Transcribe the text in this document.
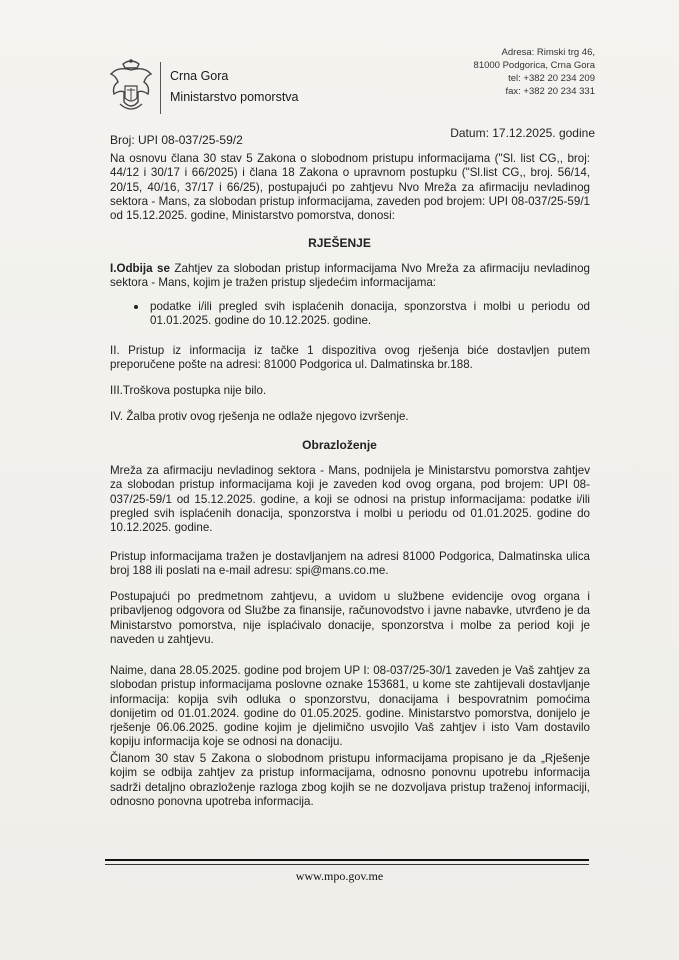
Crna Gora
Ministarstvo pomorstva
Adresa: Rimski trg 46,
81000 Podgorica, Crna Gora
tel: +382 20 234 209
fax: +382 20 234 331
Broj: UPI 08-037/25-59/2	Datum: 17.12.2025. godine
Na osnovu člana 30 stav 5 Zakona o slobodnom pristupu informacijama ("Sl. list CG,, broj: 44/12 i 30/17 i 66/2025) i člana 18 Zakona o upravnom postupku ("Sl.list CG,, broj. 56/14, 20/15, 40/16, 37/17 i 66/25), postupajući po zahtjevu Nvo Mreža za afirmaciju nevladinog sektora - Mans, za slobodan pristup informacijama, zaveden pod brojem: UPI 08-037/25-59/1 od 15.12.2025. godine, Ministarstvo pomorstva, donosi:
RJEŠENJE
I.Odbija se Zahtjev za slobodan pristup informacijama Nvo Mreža za afirmaciju nevladinog sektora - Mans, kojim je tražen pristup sljedećim informacijama:
podatke i/ili pregled svih isplaćenih donacija, sponzorstva i molbi u periodu od 01.01.2025. godine do 10.12.2025. godine.
II. Pristup iz informacija iz tačke 1 dispozitiva ovog rješenja biće dostavljen putem preporučene pošte na adresi: 81000 Podgorica ul. Dalmatinska br.188.
III.Troškova postupka nije bilo.
IV. Žalba protiv ovog rješenja ne odlaže njegovo izvršenje.
Obrazloženje
Mreža za afirmaciju nevladinog sektora - Mans, podnijela je Ministarstvu pomorstva zahtjev za slobodan pristup informacijama koji je zaveden kod ovog organa, pod brojem: UPI 08-037/25-59/1 od 15.12.2025. godine, a koji se odnosi na pristup informacijama: podatke i/ili pregled svih isplaćenih donacija, sponzorstva i molbi u periodu od 01.01.2025. godine do 10.12.2025. godine.
Pristup informacijama tražen je dostavljanjem na adresi 81000 Podgorica, Dalmatinska ulica broj 188 ili poslati na e-mail adresu: spi@mans.co.me.
Postupajući po predmetnom zahtjevu, a uvidom u službene evidencije ovog organa i pribavljenog odgovora od Službe za finansije, računovodstvo i javne nabavke, utvrđeno je da Ministarstvo pomorstva, nije isplaćivalo donacije, sponzorstva i molbe za period koji je naveden u zahtjevu.
Naime, dana 28.05.2025. godine pod brojem UP I: 08-037/25-30/1 zaveden je Vaš zahtjev za slobodan pristup informacijama poslovne oznake 153681, u kome ste zahtijevali dostavljanje informacija: kopija svih odluka o sponzorstvu, donacijama i bespovratnim pomoćima donijetim od 01.01.2024. godine do 01.05.2025. godine. Ministarstvo pomorstva, donijelo je rješenje 06.06.2025. godine kojim je djelimično usvojilo Vaš zahtjev i isto Vam dostavilo kopiju informacija koje se odnosi na donaciju.
Članom 30 stav 5 Zakona o slobodnom pristupu informacijama propisano je da „Rješenje kojim se odbija zahtjev za pristup informacijama, odnosno ponovnu upotrebu informacija sadrži detaljno obrazloženje razloga zbog kojih se ne dozvoljava pristup traženoj informaciji, odnosno ponovna upotreba informacija.
www.mpo.gov.me
